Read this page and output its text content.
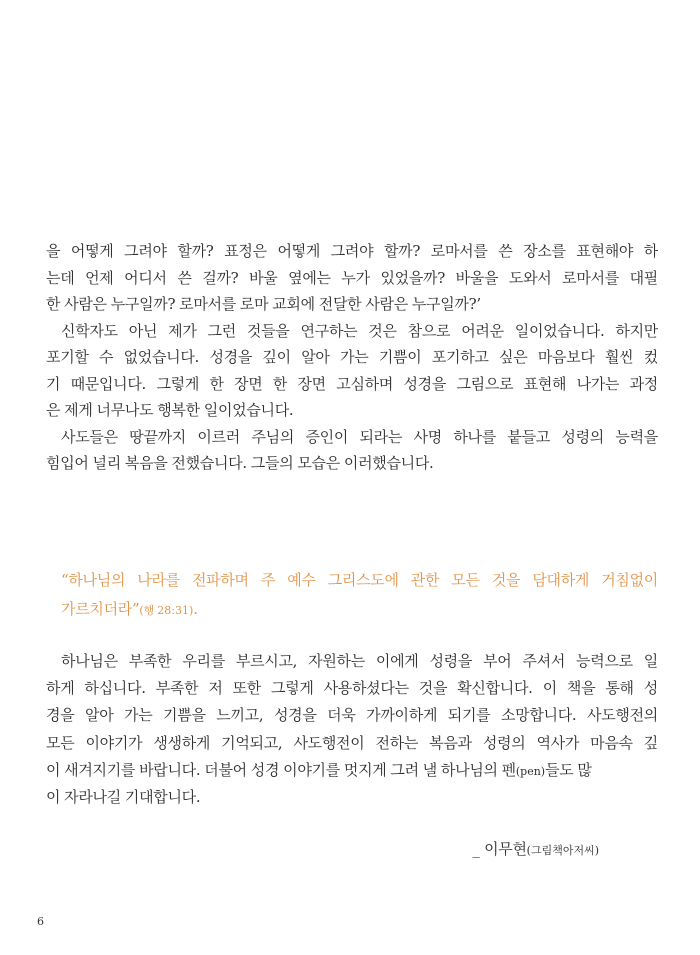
을 어떻게 그려야 할까? 표정은 어떻게 그려야 할까? 로마서를 쓴 장소를 표현해야 하
는데 언제 어디서 쓴 걸까? 바울 옆에는 누가 있었을까? 바울을 도와서 로마서를 대필
한 사람은 누구일까? 로마서를 로마 교회에 전달한 사람은 누구일까?’
신학자도 아닌 제가 그런 것들을 연구하는 것은 참으로 어려운 일이었습니다. 하지만
포기할 수 없었습니다. 성경을 깊이 알아 가는 기쁨이 포기하고 싶은 마음보다 훨씬 컸
기 때문입니다. 그렇게 한 장면 한 장면 고심하며 성경을 그림으로 표현해 나가는 과정
은 제게 너무나도 행복한 일이었습니다.
사도들은 땅끝까지 이르러 주님의 증인이 되라는 사명 하나를 붙들고 성령의 능력을
힘입어 널리 복음을 전했습니다. 그들의 모습은 이러했습니다.
“하나님의 나라를 전파하며 주 예수 그리스도에 관한 모든 것을 담대하게 거침없이
가르치더라”(행 28:31).
하나님은 부족한 우리를 부르시고, 자원하는 이에게 성령을 부어 주셔서 능력으로 일
하게 하십니다. 부족한 저 또한 그렇게 사용하셨다는 것을 확신합니다. 이 책을 통해 성
경을 알아 가는 기쁨을 느끼고, 성경을 더욱 가까이하게 되기를 소망합니다. 사도행전의
모든 이야기가 생생하게 기억되고, 사도행전이 전하는 복음과 성령의 역사가 마음속 깊
이 새겨지기를 바랍니다. 더불어 성경 이야기를 멋지게 그려 낼 하나님의 펜(pen)들도 많
이 자라나길 기대합니다.
_ 이무현(그림책아저씨)
6
